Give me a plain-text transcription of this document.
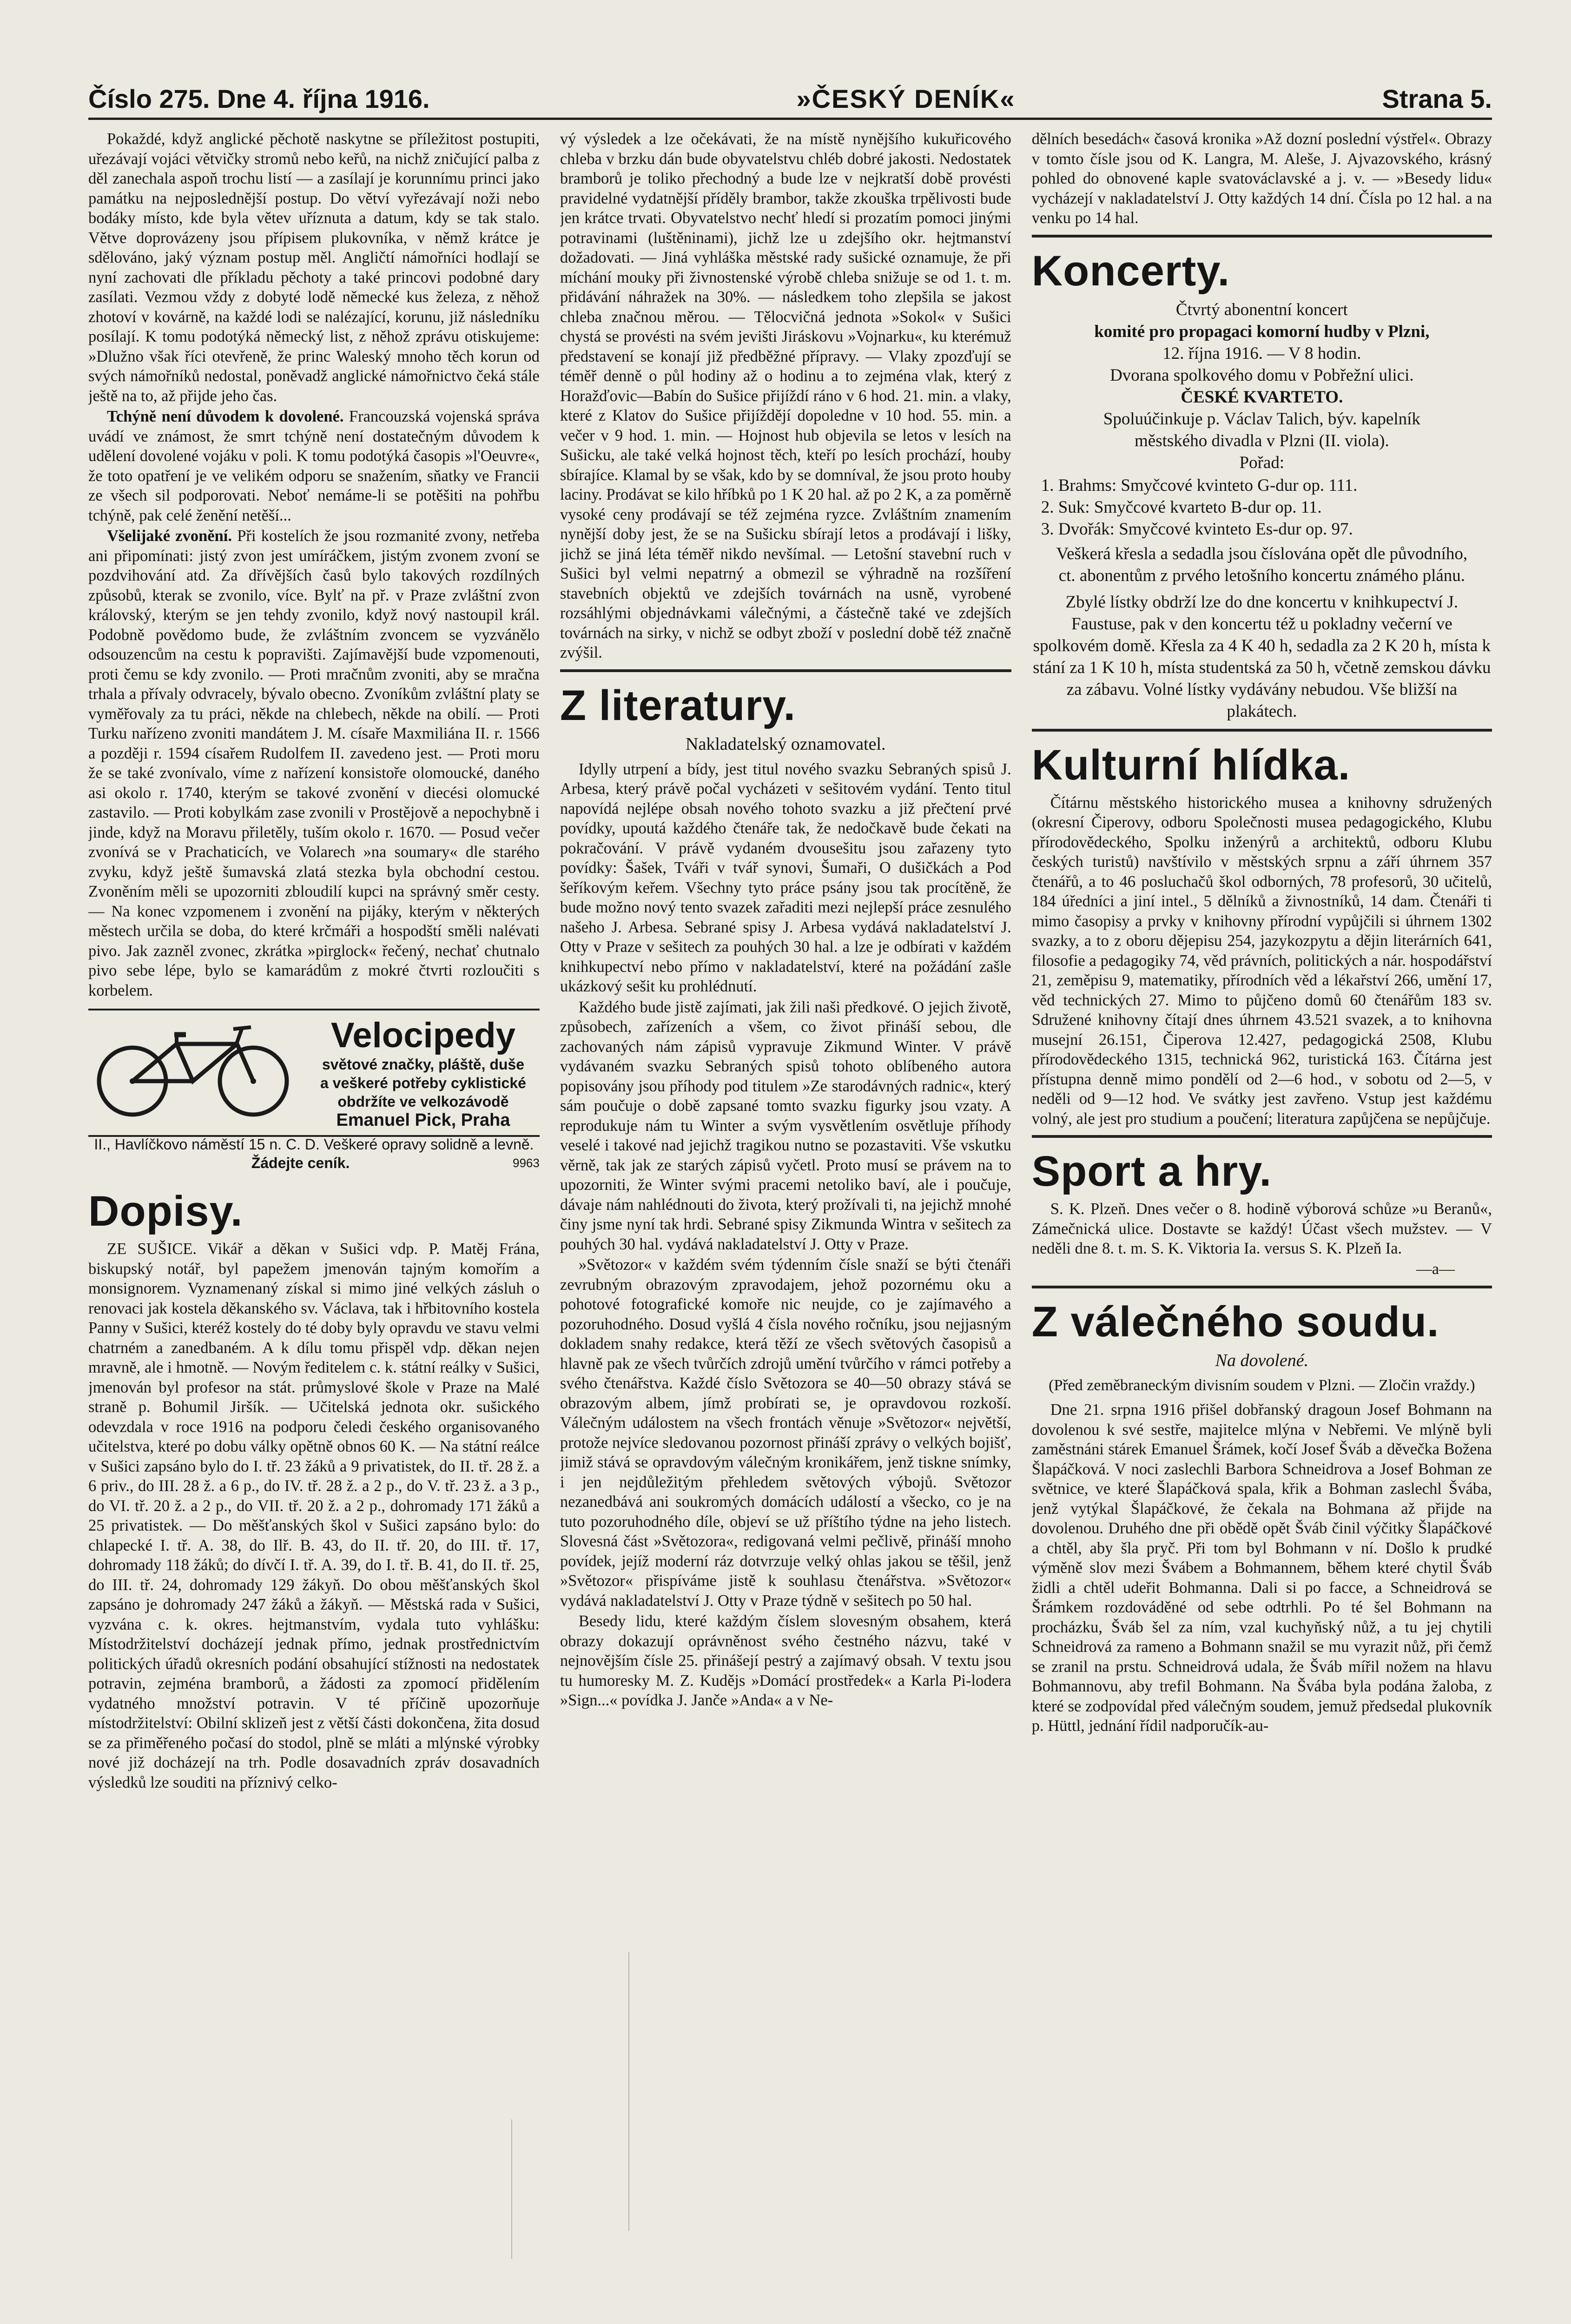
Číslo 275. Dne 4. října 1916.	»ČESKÝ DENÍK«	Strana 5.

Pokaždé, když anglické pěchotě naskytne se příležitost postupiti, uřezávají vojáci větvičky stromů nebo keřů, na nichž zničující palba z děl zanechala aspoň trochu listí — a zasílají je korunnímu princi jako památku na nejposlednější postup. Do větví vyřezávají noži nebo bodáky místo, kde byla větev uříznuta a datum, kdy se tak stalo. Větve doprovázeny jsou přípisem plukovníka, v němž krátce je sdělováno, jaký význam postup měl. Angličtí námořníci hodlají se nyní zachovati dle příkladu pěchoty a také princovi podobné dary zasílati. Vezmou vždy z dobyté lodě německé kus železa, z něhož zhotoví v kovárně, na každé lodi se nalézající, korunu, již následníku posílají. K tomu podotýká německý list, z něhož zprávu otiskujeme: »Dlužno však říci otevřeně, že princ Waleský mnoho těch korun od svých námořníků nedostal, poněvadž anglické námořnictvo čeká stále ještě na to, až přijde jeho čas.

Tchýně není důvodem k dovolené. Francouzská vojenská správa uvádí ve známost, že smrt tchýně není dostatečným důvodem k udělení dovolené vojáku v poli. K tomu podotýká časopis »l'Oeuvre«, že toto opatření je ve velikém odporu se snažením, sňatky ve Francii ze všech sil podporovati. Neboť nemáme-li se potěšiti na pohřbu tchýně, pak celé ženění netěší...

Všelijaké zvonění. Při kostelích že jsou rozmanité zvony, netřeba ani připomínati: jistý zvon jest umíráčkem, jistým zvonem zvoní se pozdvihování atd. Za dřívějších časů bylo takových rozdílných způsobů, kterak se zvonilo, více. Bylť na př. v Praze zvláštní zvon královský, kterým se jen tehdy zvonilo, když nový nastoupil král. Podobně povědomo bude, že zvláštním zvoncem se vyzvánělo odsouzencům na cestu k popravišti. Zajímavější bude vzpomenouti, proti čemu se kdy zvonilo. — Proti mračnům zvoniti, aby se mračna trhala a přívaly odvracely, bývalo obecno. Zvoníkům zvláštní platy se vyměřovaly za tu práci, někde na chlebech, někde na obilí. — Proti Turku nařízeno zvoniti mandátem J. M. císaře Maxmiliána II. r. 1566 a později r. 1594 císařem Rudolfem II. zavedeno jest. — Proti moru že se také zvonívalo, víme z nařízení konsistoře olomoucké, daného asi okolo r. 1740, kterým se takové zvonění v diecési olomucké zastavilo. — Proti kobylkám zase zvonili v Prostějově a nepochybně i jinde, když na Moravu přiletěly, tuším okolo r. 1670. — Posud večer zvonívá se v Prachaticích, ve Volarech »na soumary« dle starého zvyku, když ještě šumavská zlatá stezka byla obchodní cestou. Zvoněním měli se upozorniti zbloudilí kupci na správný směr cesty. — Na konec vzpomenem i zvonění na pijáky, kterým v některých městech určila se doba, do které krčmáři a hospodští směli nalévati pivo. Jak zazněl zvonec, zkrátka »pirglock« řečený, nechať chutnalo pivo sebe lépe, bylo se kamarádům z mokré čtvrti rozloučiti s korbelem.

Velocipedy
světové značky, pláště, duše
a veškeré potřeby cyklistické obdržíte ve velkozávodě
Emanuel Pick, Praha
II., Havlíčkovo náměstí 15 n. C. D. Veškeré opravy solidně a levně.
Žádejte ceník.	9963
Dopisy.

ZE SUŠICE. Vikář a děkan v Sušici vdp. P. Matěj Frána, biskupský notář, byl papežem jmenován tajným komořím a monsignorem. Vyznamenaný získal si mimo jiné velkých zásluh o renovaci jak kostela děkanského sv. Václava, tak i hřbitovního kostela Panny v Sušici, kteréž kostely do té doby byly opravdu ve stavu velmi chatrném a zanedbaném. A k dílu tomu přispěl vdp. děkan nejen mravně, ale i hmotně. — Novým ředitelem c. k. státní reálky v Sušici, jmenován byl profesor na stát. průmyslové škole v Praze na Malé straně p. Bohumil Jiršík. — Učitelská jednota okr. sušického odevzdala v roce 1916 na podporu čeledi českého organisovaného učitelstva, které po dobu války opětně obnos 60 K. — Na státní reálce v Sušici zapsáno bylo do I. tř. 23 žáků a 9 privatistek, do II. tř. 28 ž. a 6 priv., do III. 28 ž. a 6 p., do IV. tř. 28 ž. a 2 p., do V. tř. 23 ž. a 3 p., do VI. tř. 20 ž. a 2 p., do VII. tř. 20 ž. a 2 p., dohromady 171 žáků a 25 privatistek. — Do měšťanských škol v Sušici zapsáno bylo: do chlapecké I. tř. A. 38, do Ilř. B. 43, do II. tř. 20, do III. tř. 17, dohromady 118 žáků; do dívčí I. tř. A. 39, do I. tř. B. 41, do II. tř. 25, do III. tř. 24, dohromady 129 žákyň. Do obou měšťanských škol zapsáno je dohromady 247 žáků a žákyň. — Městská rada v Sušici, vyzvána c. k. okres. hejtmanstvím, vydala tuto vyhlášku: Místodržitelství docházejí jednak přímo, jednak prostřednictvím politických úřadů okresních podání obsahující stížnosti na nedostatek potravin, zejména bramborů, a žádosti za zpomocí přidělením vydatného množství potravin. V té příčině upozorňuje místodržitelství: Obilní sklizeň jest z větší části dokončena, žita dosud se za přiměřeného počasí do stodol, plně se mláti a mlýnské výrobky nové již docházejí na trh. Podle dosavadních zpráv dosavadních výsledků lze souditi na příznivý celko-

vý výsledek a lze očekávati, že na místě nynějšího kukuřicového chleba v brzku dán bude obyvatelstvu chléb dobré jakosti. Nedostatek bramborů je toliko přechodný a bude lze v nejkratší době provésti pravidelné vydatnější příděly brambor, takže zkouška trpělivosti bude jen krátce trvati. Obyvatelstvo nechť hledí si prozatím pomoci jinými potravinami (luštěninami), jichž lze u zdejšího okr. hejtmanství dožadovati. — Jiná vyhláška městské rady sušické oznamuje, že při míchání mouky při živnostenské výrobě chleba snižuje se od 1. t. m. přidávání náhražek na 30%. — následkem toho zlepšila se jakost chleba značnou měrou. — Tělocvičná jednota »Sokol« v Sušici chystá se provésti na svém jevišti Jiráskovu »Vojnarku«, ku kterémuž představení se konají již předběžné přípravy. — Vlaky zpozďují se téměř denně o půl hodiny až o hodinu a to zejména vlak, který z Horažďovic—Babín do Sušice přijíždí ráno v 6 hod. 21. min. a vlaky, které z Klatov do Sušice přijíždějí dopoledne v 10 hod. 55. min. a večer v 9 hod. 1. min. — Hojnost hub objevila se letos v lesích na Sušicku, ale také velká hojnost těch, kteří po lesích prochází, houby sbírajíce. Klamal by se však, kdo by se domníval, že jsou proto houby laciny. Prodávat se kilo hříbků po 1 K 20 hal. až po 2 K, a za poměrně vysoké ceny prodávají se též zejména ryzce. Zvláštním znamením nynější doby jest, že se na Sušicku sbírají letos a prodávají i lišky, jichž se jiná léta téměř nikdo nevšímal. — Letošní stavební ruch v Sušici byl velmi nepatrný a obmezil se výhradně na rozšíření stavebních objektů ve zdejších továrnách na usně, vyrobené rozsáhlými objednávkami válečnými, a částečně také ve zdejších továrnách na sirky, v nichž se odbyt zboží v poslední době též značně zvýšil.

Z literatury.
Nakladatelský oznamovatel.

Idylly utrpení a bídy, jest titul nového svazku Sebraných spisů J. Arbesa, který právě počal vycházeti v sešitovém vydání. Tento titul napovídá nejlépe obsah nového tohoto svazku a již přečtení prvé povídky, upoutá každého čtenáře tak, že nedočkavě bude čekati na pokračování. V právě vydaném dvousešitu jsou zařazeny tyto povídky: Šašek, Tváři v tvář synovi, Šumaři, O dušičkách a Pod šeříkovým keřem. Všechny tyto práce psány jsou tak procítěně, že bude možno nový tento svazek zařaditi mezi nejlepší práce zesnulého našeho J. Arbesa. Sebrané spisy J. Arbesa vydává nakladatelství J. Otty v Praze v sešitech za pouhých 30 hal. a lze je odbírati v každém knihkupectví nebo přímo v nakladatelství, které na požádání zašle ukázkový sešit ku prohlédnutí.

Každého bude jistě zajímati, jak žili naši předkové. O jejich životě, způsobech, zařízeních a všem, co život přináší sebou, dle zachovaných nám zápisů vypravuje Zikmund Winter. V právě vydávaném svazku Sebraných spisů tohoto oblíbeného autora popisovány jsou příhody pod titulem »Ze starodávných radnic«, který sám poučuje o době zapsané tomto svazku figurky jsou vzaty. A reprodukuje nám tu Winter a svým vysvětlením osvětluje příhody veselé i takové nad jejichž tragikou nutno se pozastaviti. Vše vskutku věrně, tak jak ze starých zápisů vyčetl. Proto musí se právem na to upozorniti, že Winter svými pracemi netoliko baví, ale i poučuje, dávaje nám nahlédnouti do života, který prožívali ti, na jejichž mnohé činy jsme nyní tak hrdi. Sebrané spisy Zikmunda Wintra v sešitech za pouhých 30 hal. vydává nakladatelství J. Otty v Praze.

»Světozor« v každém svém týdenním čísle snaží se býti čtenáři zevrubným obrazovým zpravodajem, jehož pozornému oku a pohotové fotografické komoře nic neujde, co je zajímavého a pozoruhodného. Dosud vyšlá 4 čísla nového ročníku, jsou nejjasným dokladem snahy redakce, která těží ze všech světových časopisů a hlavně pak ze všech tvůrčích zdrojů umění tvůrčího v rámci potřeby a svého čtenářstva. Každé číslo Světozora se 40—50 obrazy stává se obrazovým albem, jímž probírati se, je opravdovou rozkoší. Válečným událostem na všech frontách věnuje »Světozor« největší, protože nejvíce sledovanou pozornost přináší zprávy o velkých bojišť, jimiž stává se opravdovým válečným kronikářem, jenž tiskne snímky, i jen nejdůležitým přehledem světových výbojů. Světozor nezanedbává ani soukromých domácích událostí a všecko, co je na tuto pozoruhodného díle, objeví se už příštího týdne na jeho listech. Slovesná část »Světozora«, redigovaná velmi pečlivě, přináší mnoho povídek, jejíž moderní ráz dotvrzuje velký ohlas jakou se těšil, jenž »Světozor« přispíváme jistě k souhlasu čtenářstva. »Světozor« vydává nakladatelství J. Otty v Praze týdně v sešitech po 50 hal.

Besedy lidu, které každým číslem slovesným obsahem, která obrazy dokazují oprávněnost svého čestného názvu, také v nejnovějším čísle 25. přinášejí pestrý a zajímavý obsah. V textu jsou tu humoresky M. Z. Kudějs »Domácí prostředek« a Karla Pi-lodera »Sign...« povídka J. Janče »Anda« a v Ne-

dělních besedách« časová kronika »Až dozní poslední výstřel«. Obrazy v tomto čísle jsou od K. Langra, M. Aleše, J. Ajvazovského, krásný pohled do obnovené kaple svatováclavské a j. v. — »Besedy lidu« vycházejí v nakladatelství J. Otty každých 14 dní. Čísla po 12 hal. a na venku po 14 hal.

Koncerty.
Čtvrtý abonentní koncert
komité pro propagaci komorní hudby v Plzni,
12. října 1916. — V 8 hodin.
Dvorana spolkového domu v Pobřežní ulici.
ČESKÉ KVARTETO.
Spoluúčinkuje p. Václav Talich, býv. kapelník
městského divadla v Plzni (II. viola).
Pořad:
1. Brahms: Smyčcové kvinteto G-dur op. 111.
2. Suk: Smyčcové kvarteto B-dur op. 11.
3. Dvořák: Smyčcové kvinteto Es-dur op. 97.
Veškerá křesla a sedadla jsou číslována opět dle původního, ct. abonentům z prvého letošního koncertu známého plánu.
Zbylé lístky obdrží lze do dne koncertu v knihkupectví J. Faustuse, pak v den koncertu též u pokladny večerní ve spolkovém domě. Křesla za 4 K 40 h, sedadla za 2 K 20 h, místa k stání za 1 K 10 h, místa studentská za 50 h, včetně zemskou dávku za zábavu. Volné lístky vydávány nebudou. Vše bližší na plakátech.
Kulturní hlídka.

Čítárnu městského historického musea a knihovny sdružených (okresní Čiperovy, odboru Společnosti musea pedagogického, Klubu přírodovědeckého, Spolku inženýrů a architektů, odboru Klubu českých turistů) navštívilo v městských srpnu a září úhrnem 357 čtenářů, a to 46 posluchačů škol odborných, 78 profesorů, 30 učitelů, 184 úředníci a jiní intel., 5 dělníků a živnostníků, 14 dam. Čtenáři ti mimo časopisy a prvky v knihovny přírodní vypůjčili si úhrnem 1302 svazky, a to z oboru dějepisu 254, jazykozpytu a dějin literárních 641, filosofie a pedagogiky 74, věd právních, politických a nár. hospodářství 21, zeměpisu 9, matematiky, přírodních věd a lékařství 266, umění 17, věd technických 27. Mimo to půjčeno domů 60 čtenářům 183 sv. Sdružené knihovny čítají dnes úhrnem 43.521 svazek, a to knihovna musejní 26.151, Čiperova 12.427, pedagogická 2508, Klubu přírodovědeckého 1315, technická 962, turistická 163. Čítárna jest přístupna denně mimo pondělí od 2—6 hod., v sobotu od 2—5, v neděli od 9—12 hod. Ve svátky jest zavřeno. Vstup jest každému volný, ale jest pro studium a poučení; literatura zapůjčena se nepůjčuje.

Sport a hry.

S. K. Plzeň. Dnes večer o 8. hodině výborová schůze »u Beranů«, Zámečnická ulice. Dostavte se každý! Účast všech mužstev. — V neděli dne 8. t. m. S. K. Viktoria Ia. versus S. K. Plzeň Ia.

—a—
Z válečného soudu.
Na dovolené.
(Před zeměbraneckým divisním soudem v Plzni. — Zločin vraždy.)

Dne 21. srpna 1916 přišel dobřanský dragoun Josef Bohmann na dovolenou k své sestře, majitelce mlýna v Nebřemi. Ve mlýně byli zaměstnáni stárek Emanuel Šrámek, kočí Josef Šváb a děvečka Božena Šlapáčková. V noci zaslechli Barbora Schneidrova a Josef Bohman ze světnice, ve které Šlapáčková spala, křik a Bohman zaslechl Švába, jenž vytýkal Šlapáčkové, že čekala na Bohmana až přijde na dovolenou. Druhého dne při obědě opět Šváb činil výčitky Šlapáčkové a chtěl, aby šla pryč. Při tom byl Bohmann v ní. Došlo k prudké výměně slov mezi Švábem a Bohmannem, během které chytil Šváb židli a chtěl udeřit Bohmanna. Dali si po facce, a Schneidrová se Šrámkem rozdováděné od sebe odtrhli. Po té šel Bohmann na procházku, Šváb šel za ním, vzal kuchyňský nůž, a tu jej chytili Schneidrová za rameno a Bohmann snažil se mu vyrazit nůž, při čemž se zranil na prstu. Schneidrová udala, že Šváb mířil nožem na hlavu Bohmannovu, aby trefil Bohmann. Na Švába byla podána žaloba, z které se zodpovídal před válečným soudem, jemuž předsedal plukovník p. Hüttl, jednání řídil nadporučík-au-
